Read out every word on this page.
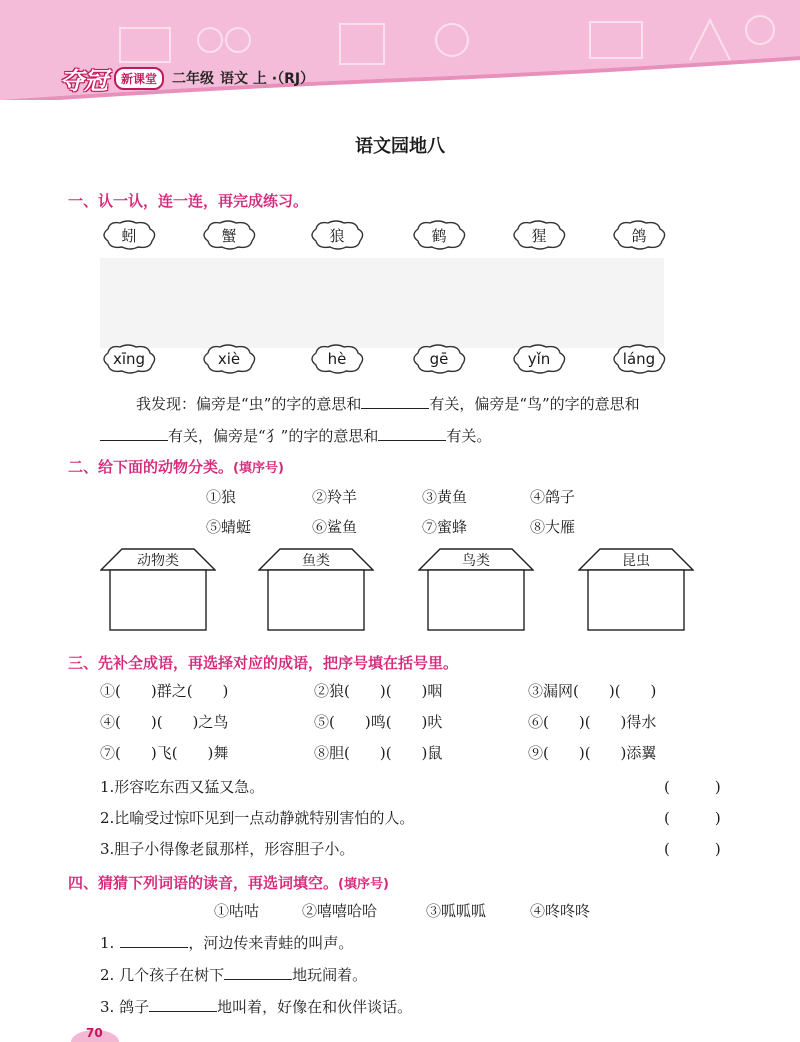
夺冠	新课堂	二年级 语文 上 ·（RJ）
语文园地八
一、认一认，连一连，再完成练习。
蚓	蟹	狼	鹤	猩	鸽
xīng	xiè	hè	gē	yǐn	láng
我发现：偏旁是“虫”的字的意思和	有关，偏旁是“鸟”的字的意思和
有关，偏旁是“犭”的字的意思和	有关。
二、给下面的动物分类。(填序号)
①狼	②羚羊	③黄鱼	④鸽子
⑤蜻蜓	⑥鲨鱼	⑦蜜蜂	⑧大雁
动物类	鱼类	鸟类	昆虫
三、先补全成语，再选择对应的成语，把序号填在括号里。
①(　　)群之(　　)	②狼(　　)(　　)咽	③漏网(　　)(　　)
④(　　)(　　)之鸟	⑤(　　)鸣(　　)吠	⑥(　　)(　　)得水
⑦(　　)飞(　　)舞	⑧胆(　　)(　　)鼠	⑨(　　)(　　)添翼
1.形容吃东西又猛又急。	(　　　)
2.比喻受过惊吓见到一点动静就特别害怕的人。	(　　　)
3.胆子小得像老鼠那样，形容胆子小。	(　　　)
四、猜猜下列词语的读音，再选词填空。(填序号)
①咕咕	②嘻嘻哈哈	③呱呱呱	④咚咚咚
1.	，河边传来青蛙的叫声。
2. 几个孩子在树下	地玩闹着。
3. 鸽子	地叫着，好像在和伙伴谈话。
70
